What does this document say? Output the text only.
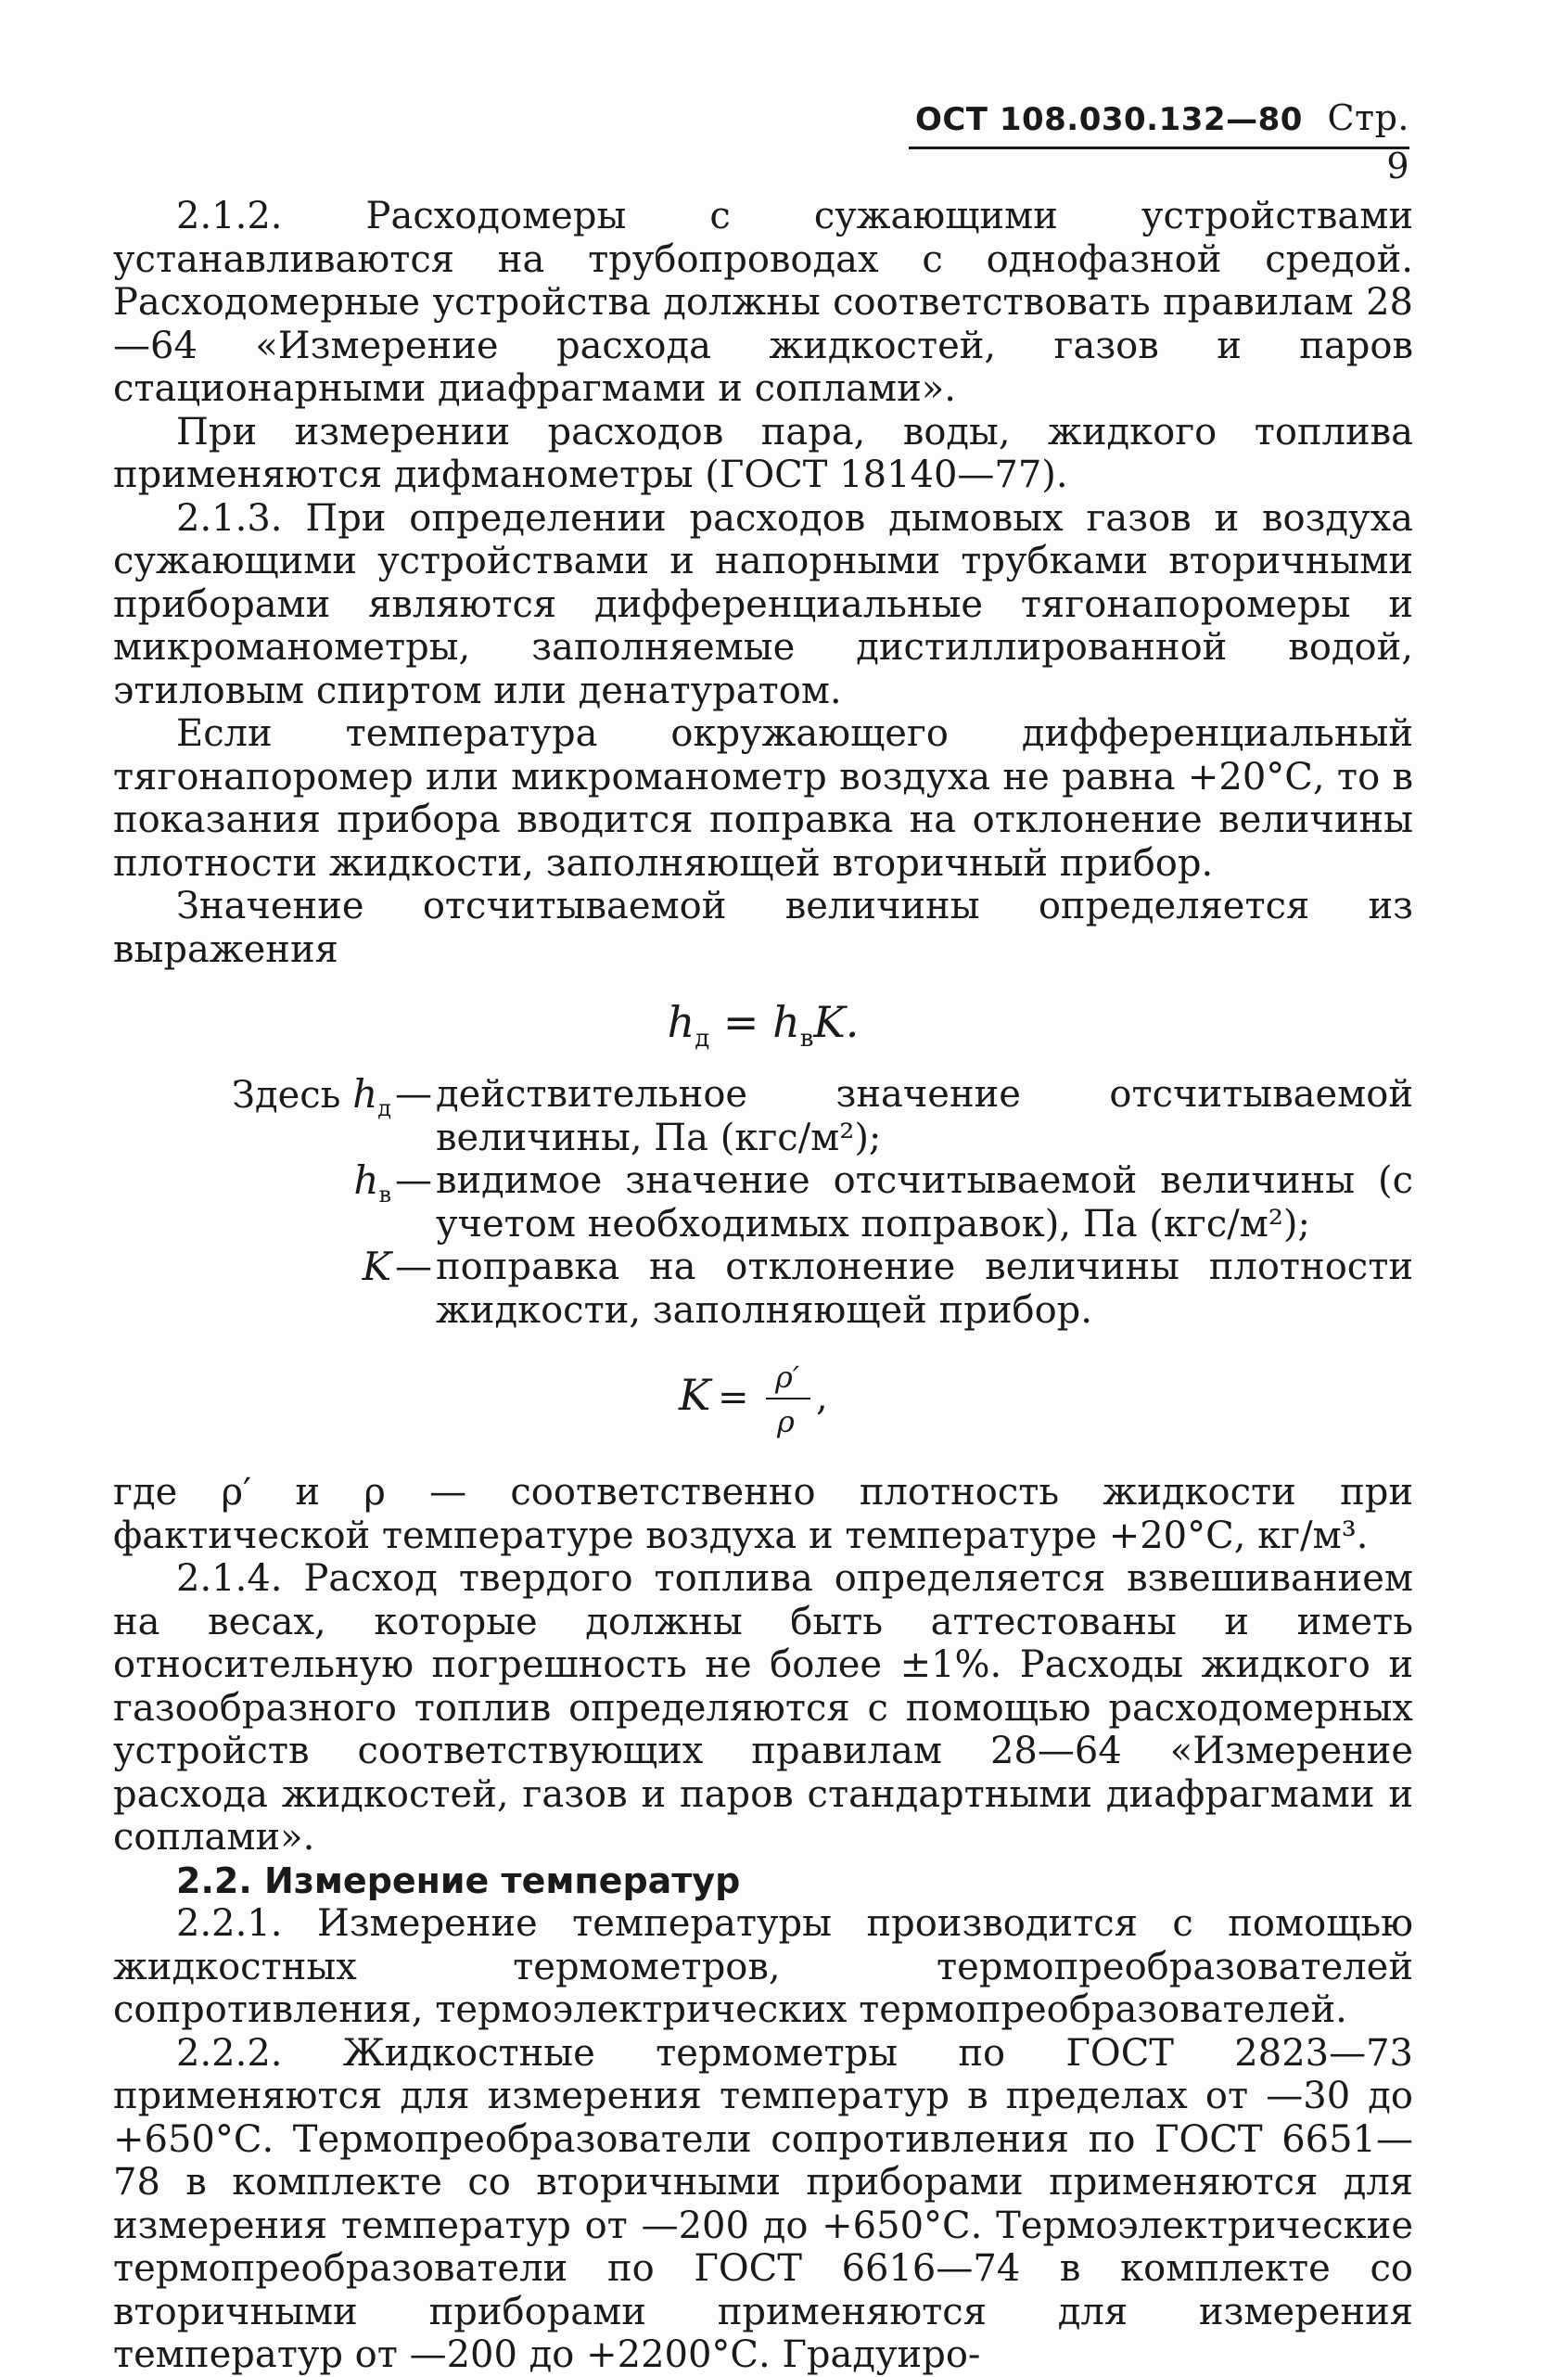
ОСТ 108.030.132—80 Стр. 9

2.1.2. Расходомеры с сужающими устройствами устанавливаются на трубопроводах с однофазной средой. Расходомерные устройства должны соответствовать правилам 28—64 «Измерение расхода жидкостей, газов и паров стационарными диафрагмами и соплами».

При измерении расходов пара, воды, жидкого топлива применяются дифманометры (ГОСТ 18140—77).

2.1.3. При определении расходов дымовых газов и воздуха сужающими устройствами и напорными трубками вторичными приборами являются дифференциальные тягонапоромеры и микроманометры, заполняемые дистиллированной водой, этиловым спиртом или денатуратом.

Если температура окружающего дифференциальный тягонапоромер или микроманометр воздуха не равна +20°С, то в показания прибора вводится поправка на отклонение величины плотности жидкости, заполняющей вторичный прибор.

Значение отсчитываемой величины определяется из выражения

$h_д = h_вK$.
Здесь $h_д$ — действительное значение отсчитываемой величины, Па (кгс/м²);
$h_в$ — видимое значение отсчитываемой величины (с учетом необходимых поправок), Па (кгс/м²);
K — поправка на отклонение величины плотности жидкости, заполняющей прибор.
K = ρ′
ρ
,

где ρ′ и ρ — соответственно плотность жидкости при фактической температуре воздуха и температуре +20°С, кг/м³.

2.1.4. Расход твердого топлива определяется взвешиванием на весах, которые должны быть аттестованы и иметь относительную погрешность не более ±1%. Расходы жидкого и газообразного топлив определяются с помощью расходомерных устройств соответствующих правилам 28—64 «Измерение расхода жидкостей, газов и паров стандартными диафрагмами и соплами».

2.2. Измерение температур

2.2.1. Измерение температуры производится с помощью жидкостных термометров, термопреобразователей сопротивления, термоэлектрических термопреобразователей.

2.2.2. Жидкостные термометры по ГОСТ 2823—73 применяются для измерения температур в пределах от —30 до +650°С. Термопреобразователи сопротивления по ГОСТ 6651—78 в комплекте со вторичными приборами применяются для измерения температур от —200 до +650°С. Термоэлектрические термопреобразователи по ГОСТ 6616—74 в комплекте со вторичными приборами применяются для измерения температур от —200 до +2200°С. Градуиро-
